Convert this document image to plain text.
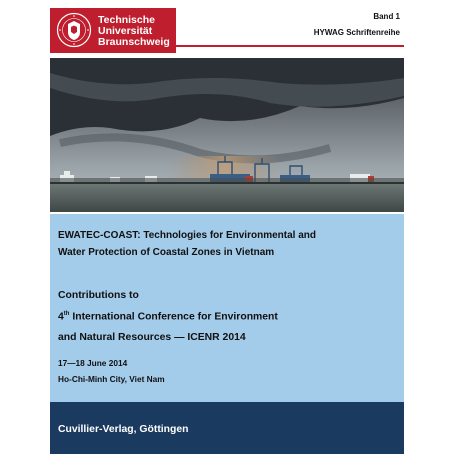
Technische
Universität
Braunschweig
Band 1
HYWAG Schriftenreihe
EWATEC-COAST: Technologies for Environmental and
Water Protection of Coastal Zones in Vietnam
Contributions to
4th International Conference for Environment
and Natural Resources — ICENR 2014
17—18 June 2014
Ho-Chi-Minh City, Viet Nam
Cuvillier-Verlag, Göttingen
